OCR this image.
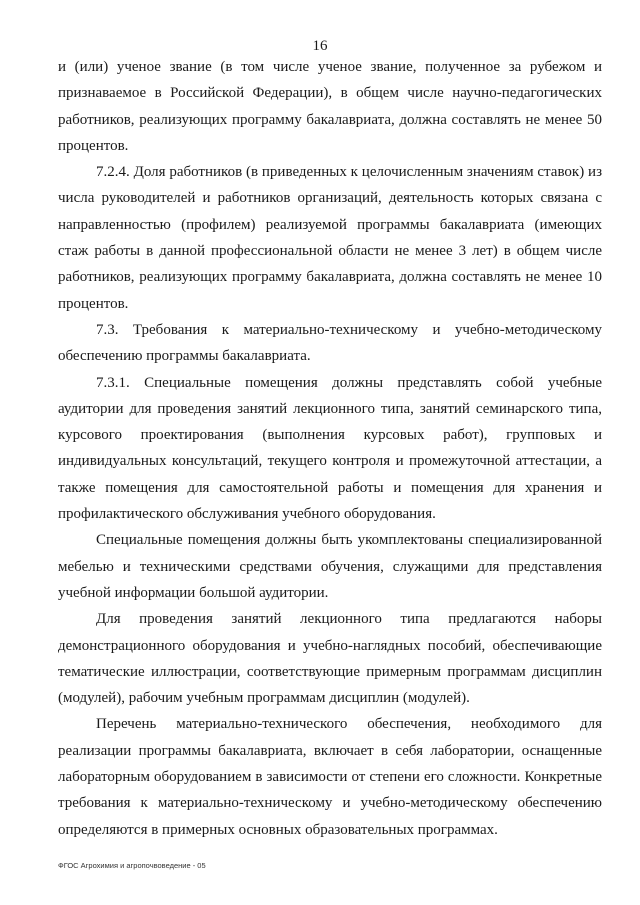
16

и (или) ученое звание (в том числе ученое звание, полученное за рубежом и признаваемое в Российской Федерации), в общем числе научно-педагогических работников, реализующих программу бакалавриата, должна составлять не менее 50 процентов.

7.2.4. Доля работников (в приведенных к целочисленным значениям ставок) из числа руководителей и работников организаций, деятельность которых связана с направленностью (профилем) реализуемой программы бакалавриата (имеющих стаж работы в данной профессиональной области не менее 3 лет) в общем числе работников, реализующих программу бакалавриата, должна составлять не менее 10 процентов.

7.3. Требования к материально-техническому и учебно-методическому обеспечению программы бакалавриата.

7.3.1. Специальные помещения должны представлять собой учебные аудитории для проведения занятий лекционного типа, занятий семинарского типа, курсового проектирования (выполнения курсовых работ), групповых и индивидуальных консультаций, текущего контроля и промежуточной аттестации, а также помещения для самостоятельной работы и помещения для хранения и профилактического обслуживания учебного оборудования.

Специальные помещения должны быть укомплектованы специализированной мебелью и техническими средствами обучения, служащими для представления учебной информации большой аудитории.

Для проведения занятий лекционного типа предлагаются наборы демонстрационного оборудования и учебно-наглядных пособий, обеспечивающие тематические иллюстрации, соответствующие примерным программам дисциплин (модулей), рабочим учебным программам дисциплин (модулей).

Перечень материально-технического обеспечения, необходимого для реализации программы бакалавриата, включает в себя лаборатории, оснащенные лабораторным оборудованием в зависимости от степени его сложности. Конкретные требования к материально-техническому и учебно-методическому обеспечению определяются в примерных основных образовательных программах.

ФГОС Агрохимия и агропочвоведение - 05
